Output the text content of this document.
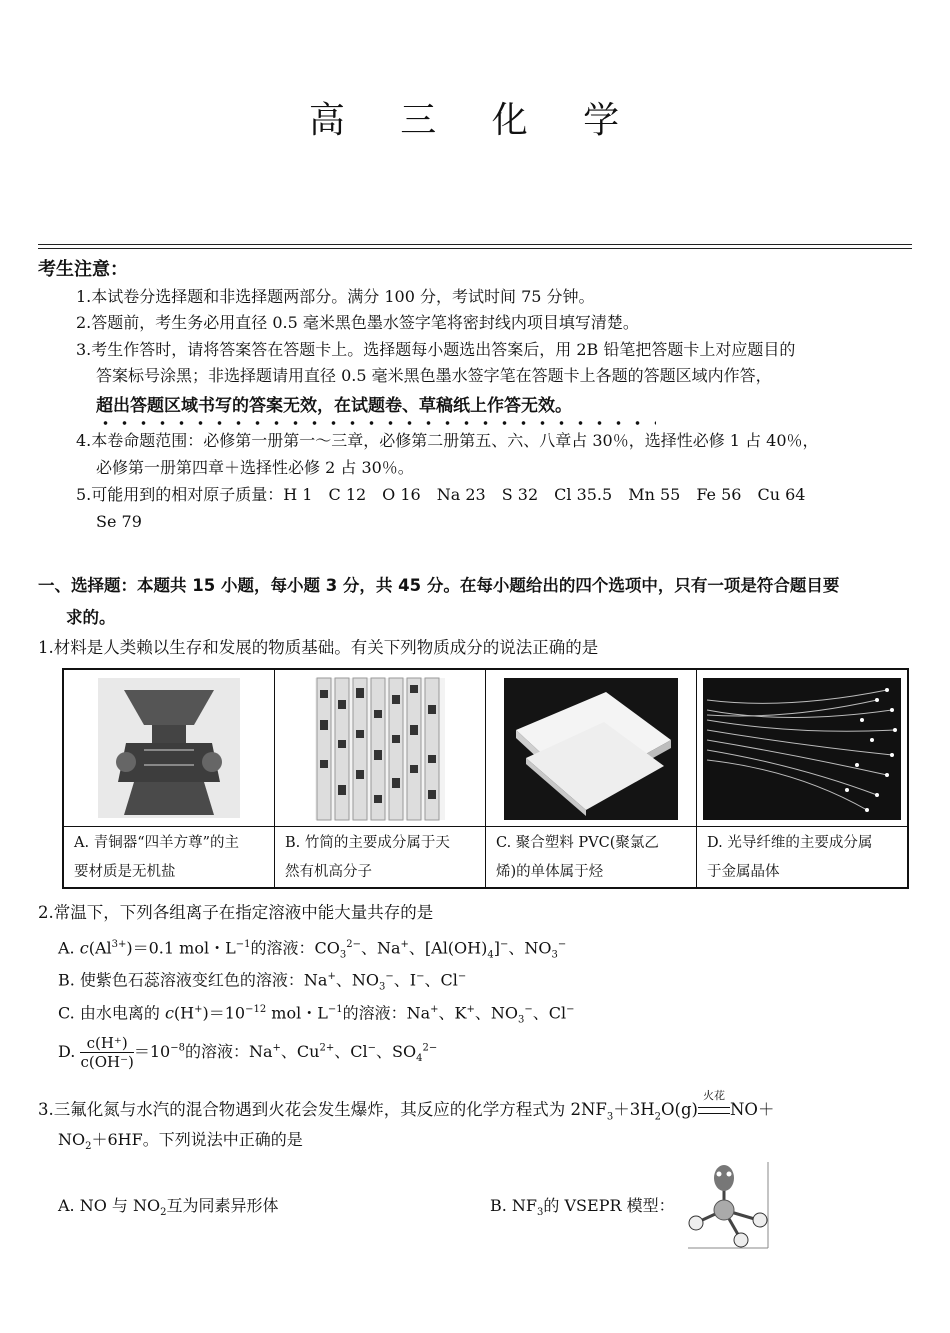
高 三 化 学
考生注意：
1.本试卷分选择题和非选择题两部分。满分 100 分，考试时间 75 分钟。
2.答题前，考生务必用直径 0.5 毫米黑色墨水签字笔将密封线内项目填写清楚。
3.考生作答时，请将答案答在答题卡上。选择题每小题选出答案后，用 2B 铅笔把答题卡上对应题目的
答案标号涂黑；非选择题请用直径 0.5 毫米黑色墨水签字笔在答题卡上各题的答题区域内作答，
超出答题区域书写的答案无效，在试题卷、草稿纸上作答无效。
4.本卷命题范围：必修第一册第一～三章，必修第二册第五、六、八章占 30％，选择性必修 1 占 40％，
必修第一册第四章＋选择性必修 2 占 30％。
5.可能用到的相对原子质量：H 1　C 12　O 16　Na 23　S 32　Cl 35.5　Mn 55　Fe 56　Cu 64
Se 79
一、选择题：本题共 15 小题，每小题 3 分，共 45 分。在每小题给出的四个选项中，只有一项是符合题目要
求的。
1.材料是人类赖以生存和发展的物质基础。有关下列物质成分的说法正确的是
A. 青铜器“四羊方尊”的主
要材质是无机盐

B. 竹简的主要成分属于天
然有机高分子

C. 聚合塑料 PVC(聚氯乙
烯)的单体属于烃

D. 光导纤维的主要成分属
于金属晶体
2.常温下，下列各组离子在指定溶液中能大量共存的是
A. $c(Al^{3+})=0.1$ mol・$L^{-1}$的溶液：$CO_3^{2-}$、Na+、$[Al(OH)_4]^-$、$NO_3^-$
B. 使紫色石蕊溶液变红色的溶液：Na+、$NO_3^-$、I−、Cl−
C. 由水电离的 $c(H^+)=10^{-12}$ mol・$L^{-1}$的溶液：Na+、K+、$NO_3^-$、Cl−
D. $\frac{c(H^+)}{c(OH^-)} =10^{-8}$的溶液：Na+、$Cu^{2+}$、Cl−、$SO_4^{2-}$
3.三氟化氮与水汽的混合物遇到火花会发生爆炸，其反应的化学方程式为 $2NF_3+3H_2O(g)$
火花
NO＋
$NO_2+6HF$。下列说法中正确的是
A. NO 与 $NO_2$互为同素异形体	B. $NF_3$的 VSEPR 模型：
